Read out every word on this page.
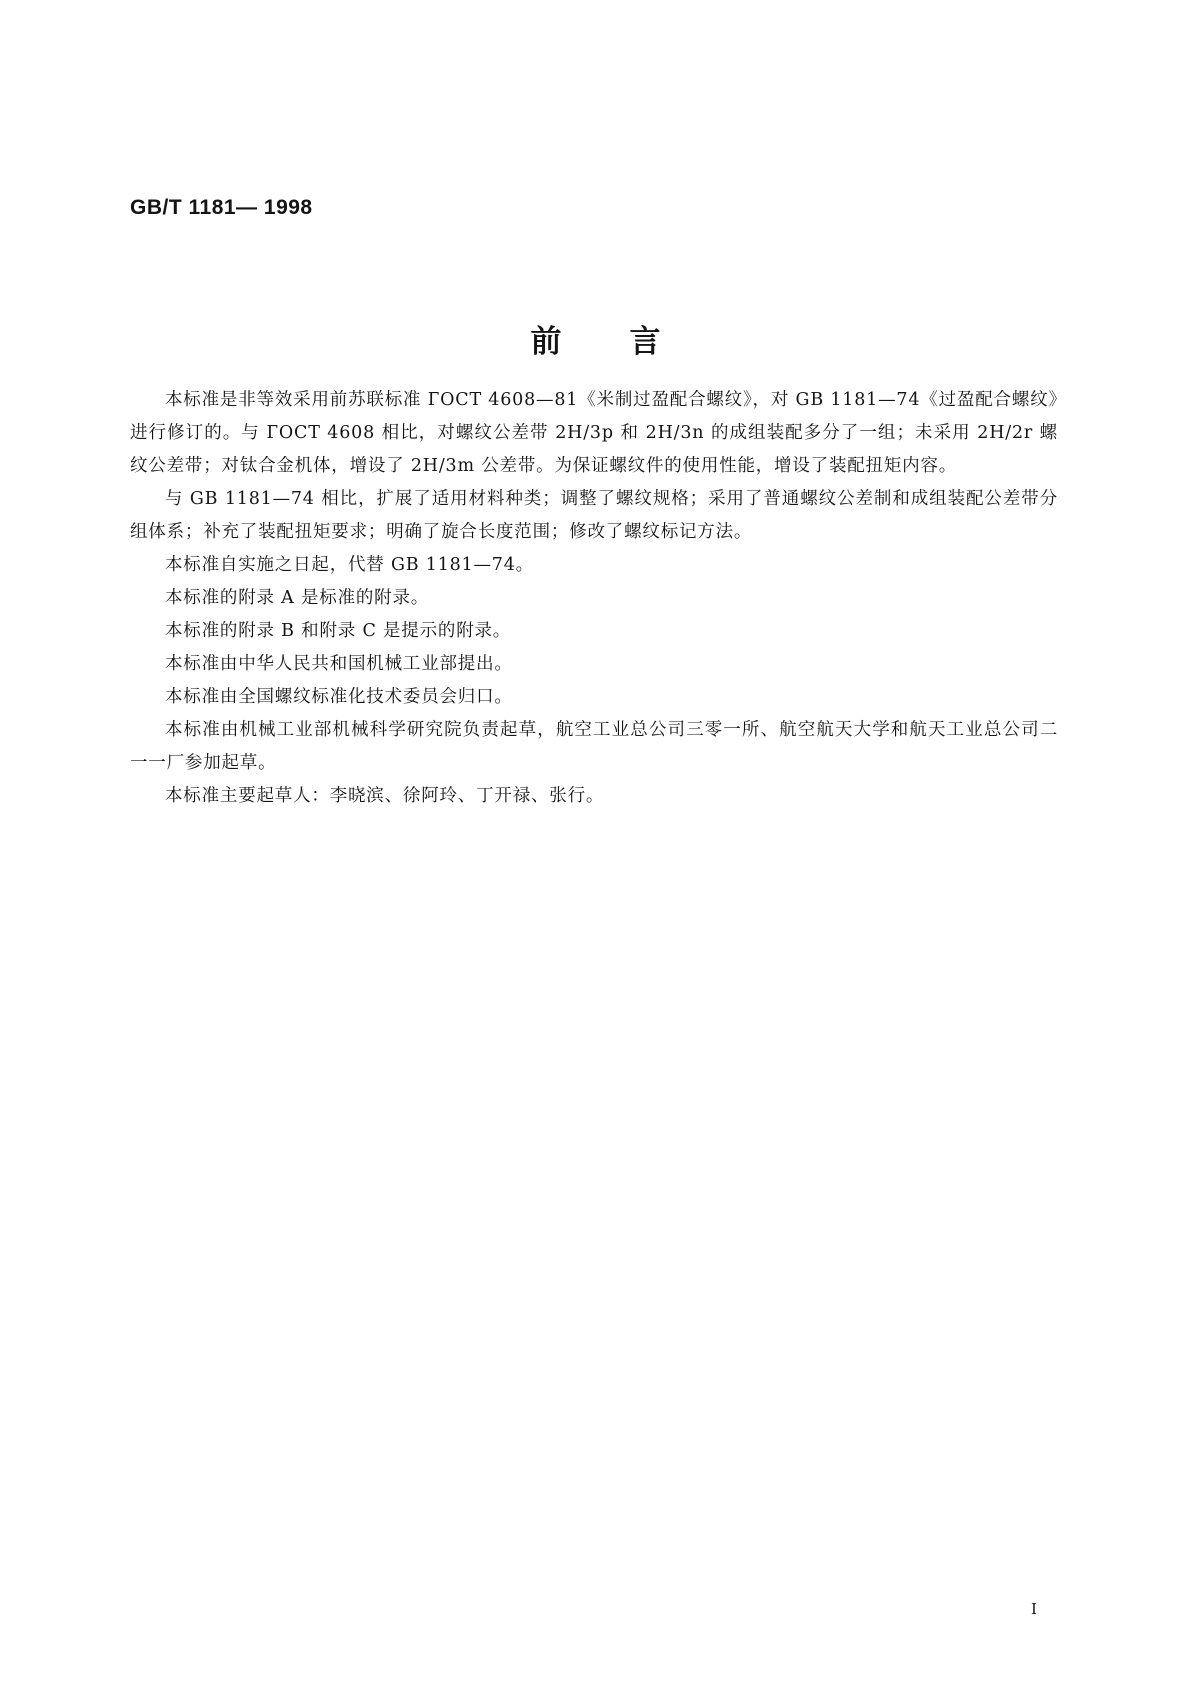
GB/T 1181— 1998
前言

本标准是非等效采用前苏联标准 ГОСТ 4608—81《米制过盈配合螺纹》，对 GB 1181—74《过盈配合螺纹》进行修订的。与 ГОСТ 4608 相比，对螺纹公差带 2H/3p 和 2H/3n 的成组装配多分了一组；未采用 2H/2r 螺纹公差带；对钛合金机体，增设了 2H/3m 公差带。为保证螺纹件的使用性能，增设了装配扭矩内容。

与 GB 1181—74 相比，扩展了适用材料种类；调整了螺纹规格；采用了普通螺纹公差制和成组装配公差带分组体系；补充了装配扭矩要求；明确了旋合长度范围；修改了螺纹标记方法。

本标准自实施之日起，代替 GB 1181—74。

本标准的附录 A 是标准的附录。

本标准的附录 B 和附录 C 是提示的附录。

本标准由中华人民共和国机械工业部提出。

本标准由全国螺纹标准化技术委员会归口。

本标准由机械工业部机械科学研究院负责起草，航空工业总公司三零一所、航空航天大学和航天工业总公司二一一厂参加起草。

本标准主要起草人：李晓滨、徐阿玲、丁开禄、张行。

I
